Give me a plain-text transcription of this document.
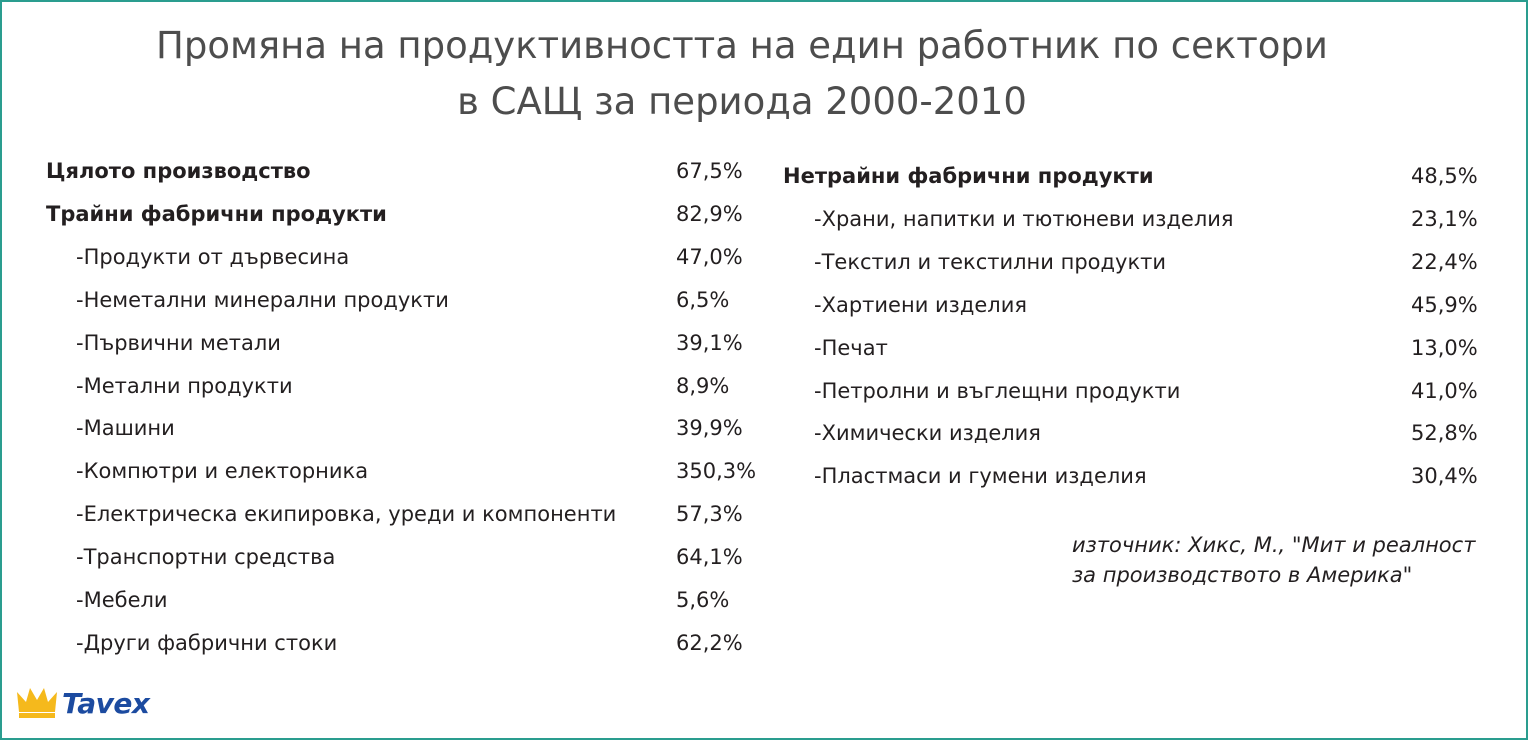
Промяна на продуктивността на един работник по сектори
в САЩ за периода 2000-2010
Цялото производство	67,5%
Трайни фабрични продукти	82,9%
-Продукти от дървесина	47,0%
-Неметални минерални продукти	6,5%
-Първични метали	39,1%
-Метални продукти	8,9%
-Машини	39,9%
-Компютри и електорника	350,3%
-Електрическа екипировка, уреди и компоненти	57,3%
-Транспортни средства	64,1%
-Мебели	5,6%
-Други фабрични стоки	62,2%
Нетрайни фабрични продукти	48,5%
-Храни, напитки и тютюневи изделия	23,1%
-Текстил и текстилни продукти	22,4%
-Хартиени изделия	45,9%
-Печат	13,0%
-Петролни и въглещни продукти	41,0%
-Химически изделия	52,8%
-Пластмаси и гумени изделия	30,4%
източник: Хикс, М., "Мит и реалност
за производството в Америка"
Tavex
